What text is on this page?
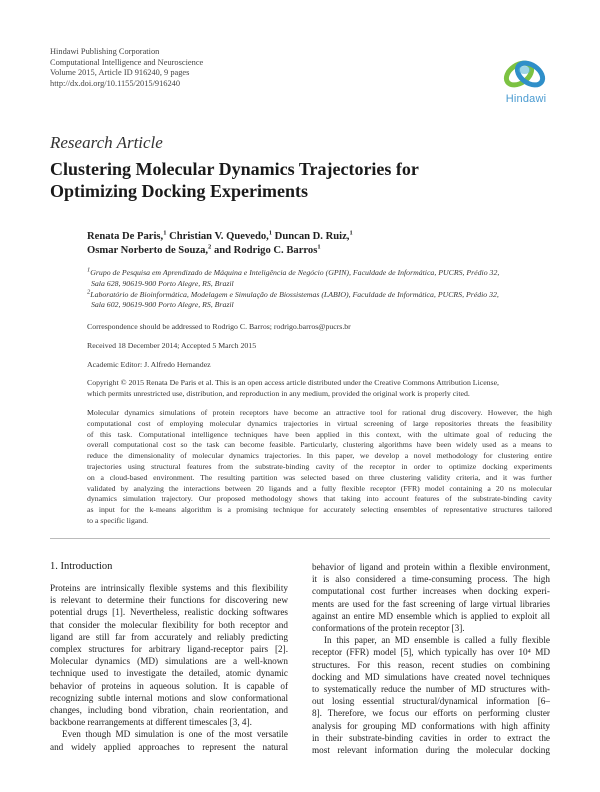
Hindawi Publishing Corporation
Computational Intelligence and Neuroscience
Volume 2015, Article ID 916240, 9 pages
http://dx.doi.org/10.1155/2015/916240
Hindawi
Research Article
Clustering Molecular Dynamics Trajectories for
Optimizing Docking Experiments
Renata De Paris,$^1$ Christian V. Quevedo,$^1$ Duncan D. Ruiz,$^1$
Osmar Norberto de Souza,$^2$ and Rodrigo C. Barros$^1$
$^1$Grupo de Pesquisa em Aprendizado de Máquina e Inteligência de Negócio (GPIN), Faculdade de Informática, PUCRS, Prédio 32,
Sala 628, 90619-900 Porto Alegre, RS, Brazil
$^2$Laboratório de Bioinformática, Modelagem e Simulação de Biossistemas (LABIO), Faculdade de Informática, PUCRS, Prédio 32,
Sala 602, 90619-900 Porto Alegre, RS, Brazil
Correspondence should be addressed to Rodrigo C. Barros; rodrigo.barros@pucrs.br
Received 18 December 2014; Accepted 5 March 2015
Academic Editor: J. Alfredo Hernandez
Copyright © 2015 Renata De Paris et al. This is an open access article distributed under the Creative Commons Attribution License,
which permits unrestricted use, distribution, and reproduction in any medium, provided the original work is properly cited.
Molecular dynamics simulations of protein receptors have become an attractive tool for rational drug discovery. However, the high
computational cost of employing molecular dynamics trajectories in virtual screening of large repositories threats the feasibility
of this task. Computational intelligence techniques have been applied in this context, with the ultimate goal of reducing the
overall computational cost so the task can become feasible. Particularly, clustering algorithms have been widely used as a means to
reduce the dimensionality of molecular dynamics trajectories. In this paper, we develop a novel methodology for clustering entire
trajectories using structural features from the substrate-binding cavity of the receptor in order to optimize docking experiments
on a cloud-based environment. The resulting partition was selected based on three clustering validity criteria, and it was further
validated by analyzing the interactions between 20 ligands and a fully flexible receptor (FFR) model containing a 20 ns molecular
dynamics simulation trajectory. Our proposed methodology shows that taking into account features of the substrate-binding cavity
as input for the k-means algorithm is a promising technique for accurately selecting ensembles of representative structures tailored
to a specific ligand.
1. Introduction
Proteins are intrinsically flexible systems and this flexibility
is relevant to determine their functions for discovering new
potential drugs [1]. Nevertheless, realistic docking softwares
that consider the molecular flexibility for both receptor and
ligand are still far from accurately and reliably predicting
complex structures for arbitrary ligand-receptor pairs [2].
Molecular dynamics (MD) simulations are a well-known
technique used to investigate the detailed, atomic dynamic
behavior of proteins in aqueous solution. It is capable of
recognizing subtle internal motions and slow conformational
changes, including bond vibration, chain reorientation, and
backbone rearrangements at different timescales [3, 4].
Even though MD simulation is one of the most versatile
and widely applied approaches to represent the natural
behavior of ligand and protein within a flexible environment,
it is also considered a time-consuming process. The high
computational cost further increases when docking experi-
ments are used for the fast screening of large virtual libraries
against an entire MD ensemble which is applied to exploit all
conformations of the protein receptor [3].
In this paper, an MD ensemble is called a fully flexible
receptor (FFR) model [5], which typically has over 10⁴ MD
structures. For this reason, recent studies on combining
docking and MD simulations have created novel techniques
to systematically reduce the number of MD structures with-
out losing essential structural/dynamical information [6–
8]. Therefore, we focus our efforts on performing cluster
analysis for grouping MD conformations with high affinity
in their substrate-binding cavities in order to extract the
most relevant information during the molecular docking
